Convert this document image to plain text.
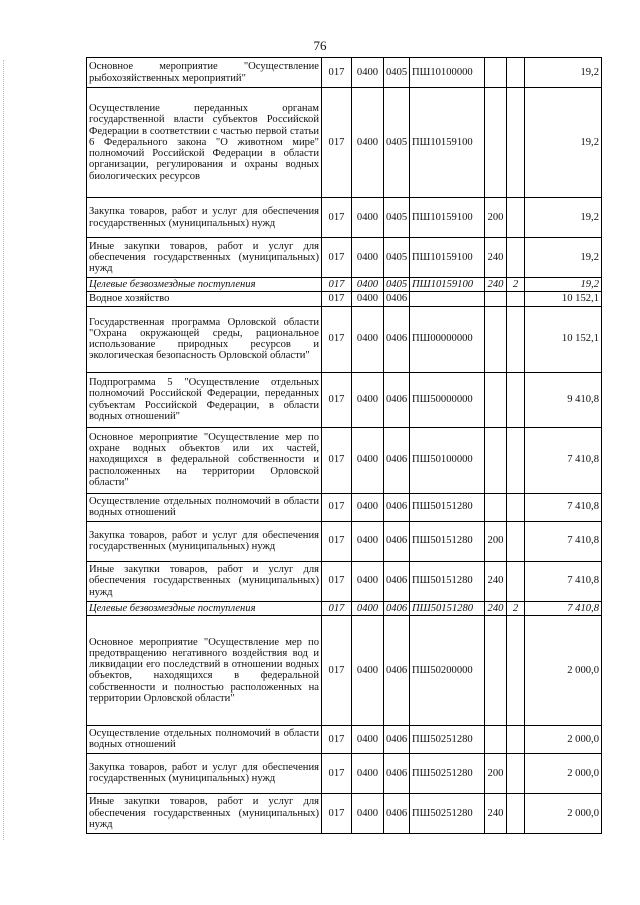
76
Основное мероприятие "Осуществление рыбохозяйственных мероприятий"	017	0400	0405	ПШ10100000			19,2
Осуществление переданных органам государственной власти субъектов Российской Федерации в соответствии с частью первой статьи 6 Федерального закона "О животном мире" полномочий Российской Федерации в области организации, регулирования и охраны водных биологических ресурсов	017	0400	0405	ПШ10159100			19,2
Закупка товаров, работ и услуг для обеспечения государственных (муниципальных) нужд	017	0400	0405	ПШ10159100	200		19,2
Иные закупки товаров, работ и услуг для обеспечения государственных (муниципальных) нужд	017	0400	0405	ПШ10159100	240		19,2
Целевые безвозмездные поступления	017	0400	0405	ПШ10159100	240	2	19,2
Водное хозяйство	017	0400	0406				10 152,1
Государственная программа Орловской области "Охрана окружающей среды, рациональное использование природных ресурсов и экологическая безопасность Орловской области"	017	0400	0406	ПШ00000000			10 152,1
Подпрограмма 5 "Осуществление отдельных полномочий Российской Федерации, переданных субъектам Российской Федерации, в области водных отношений"	017	0400	0406	ПШ50000000			9 410,8
Основное мероприятие "Осуществление мер по охране водных объектов или их частей, находящихся в федеральной собственности и расположенных на территории Орловской области"	017	0400	0406	ПШ50100000			7 410,8
Осуществление отдельных полномочий в области водных отношений	017	0400	0406	ПШ50151280			7 410,8
Закупка товаров, работ и услуг для обеспечения государственных (муниципальных) нужд	017	0400	0406	ПШ50151280	200		7 410,8
Иные закупки товаров, работ и услуг для обеспечения государственных (муниципальных) нужд	017	0400	0406	ПШ50151280	240		7 410,8
Целевые безвозмездные поступления	017	0400	0406	ПШ50151280	240	2	7 410,8
Основное мероприятие "Осуществление мер по предотвращению негативного воздействия вод и ликвидации его последствий в отношении водных объектов, находящихся в федеральной собственности и полностью расположенных на территории Орловской области"	017	0400	0406	ПШ50200000			2 000,0
Осуществление отдельных полномочий в области водных отношений	017	0400	0406	ПШ50251280			2 000,0
Закупка товаров, работ и услуг для обеспечения государственных (муниципальных) нужд	017	0400	0406	ПШ50251280	200		2 000,0
Иные закупки товаров, работ и услуг для обеспечения государственных (муниципальных) нужд	017	0400	0406	ПШ50251280	240		2 000,0
